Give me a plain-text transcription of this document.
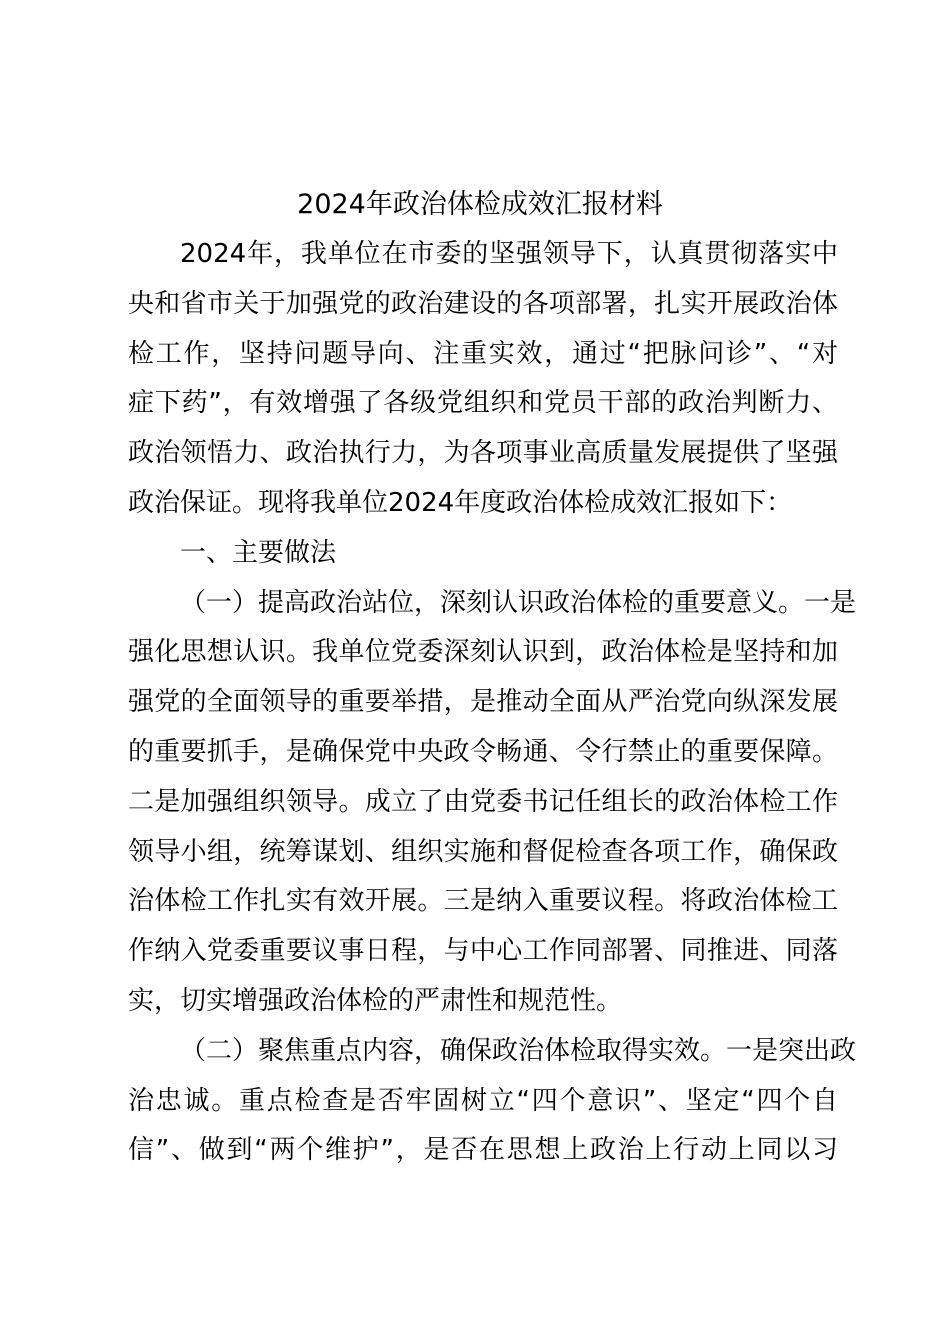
2024年政治体检成效汇报材料
2024年，我单位在市委的坚强领导下，认真贯彻落实中
央和省市关于加强党的政治建设的各项部署，扎实开展政治体
检工作，坚持问题导向、注重实效，通过“把脉问诊”、“对
症下药”，有效增强了各级党组织和党员干部的政治判断力、
政治领悟力、政治执行力，为各项事业高质量发展提供了坚强
政治保证。现将我单位2024年度政治体检成效汇报如下：
一、主要做法
（一）提高政治站位，深刻认识政治体检的重要意义。一是
强化思想认识。我单位党委深刻认识到，政治体检是坚持和加
强党的全面领导的重要举措，是推动全面从严治党向纵深发展
的重要抓手，是确保党中央政令畅通、令行禁止的重要保障。
二是加强组织领导。成立了由党委书记任组长的政治体检工作
领导小组，统筹谋划、组织实施和督促检查各项工作，确保政
治体检工作扎实有效开展。三是纳入重要议程。将政治体检工
作纳入党委重要议事日程，与中心工作同部署、同推进、同落
实，切实增强政治体检的严肃性和规范性。
（二）聚焦重点内容，确保政治体检取得实效。一是突出政
治忠诚。重点检查是否牢固树立“四个意识”、坚定“四个自
信”、做到“两个维护”，是否在思想上政治上行动上同以习
